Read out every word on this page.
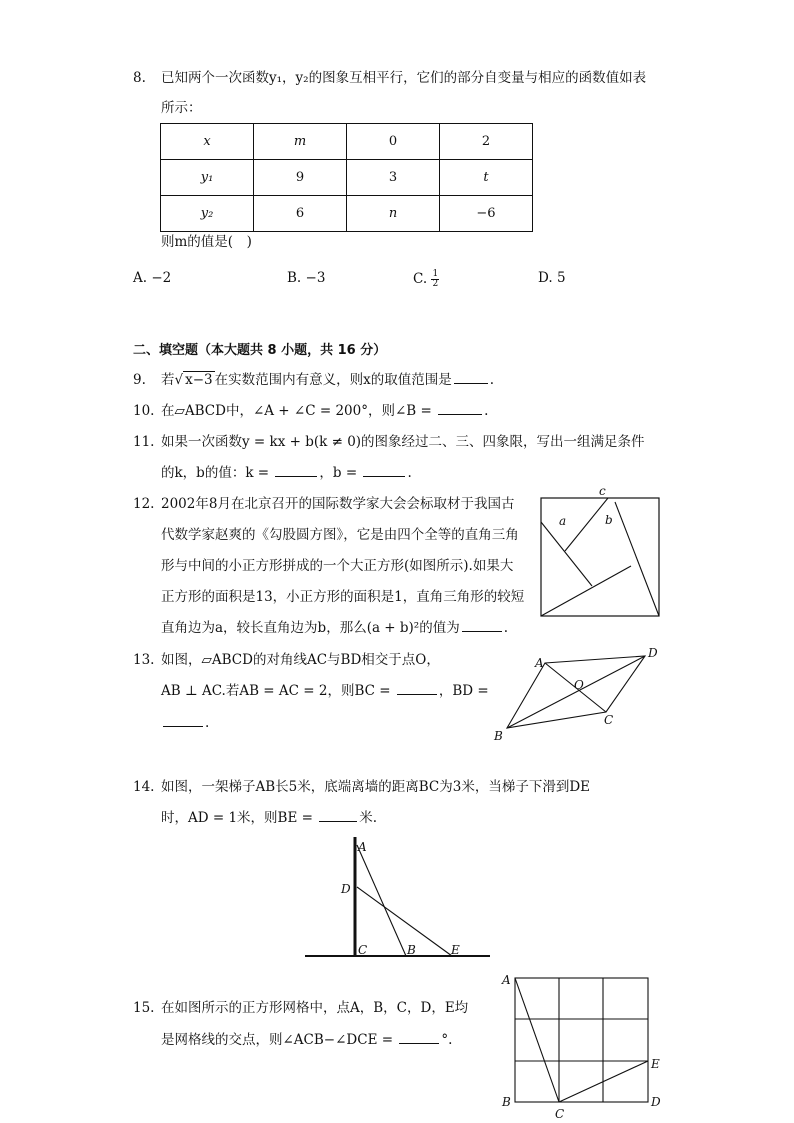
8.	已知两个一次函数y₁，y₂的图象互相平行，它们的部分自变量与相应的函数值如表
所示：
x	m	0	2
y₁	9	3	t
y₂	6	n	−6
则m的值是(　)
A. −2	B. −3	C. $\frac{1}{2}$	D. 5
二、填空题（本大题共 8 小题，共 16 分）
9.	若√ x−3 在实数范围内有意义，则x的取值范围是	.
10. 在▱ABCD中，∠A + ∠C = 200°，则∠B =	.
11. 如果一次函数y = kx + b(k ≠ 0)的图象经过二、三、四象限，写出一组满足条件
的k，b的值：k =	，b =	.
12. 2002年8月在北京召开的国际数学家大会会标取材于我国古
代数学家赵爽的《勾股圆方图》，它是由四个全等的直角三角
形与中间的小正方形拼成的一个大正方形(如图所示).如果大
正方形的面积是13，小正方形的面积是1，直角三角形的较短
直角边为a，较长直角边为b，那么(a + b)²的值为	.
c
a	b
13. 如图，▱ABCD的对角线AC与BD相交于点O，
AB ⊥ AC.若AB = AC = 2，则BC =	，BD =
.
A
D
O
C
B
14. 如图，一架梯子AB长5米，底端离墙的距离BC为3米，当梯子下滑到DE
时，AD = 1米，则BE =	米.
A
D
C	B	E
15. 在如图所示的正方形网格中，点A，B，C，D，E均
是网格线的交点，则∠ACB−∠DCE =	°.
A
B
C
D
E
